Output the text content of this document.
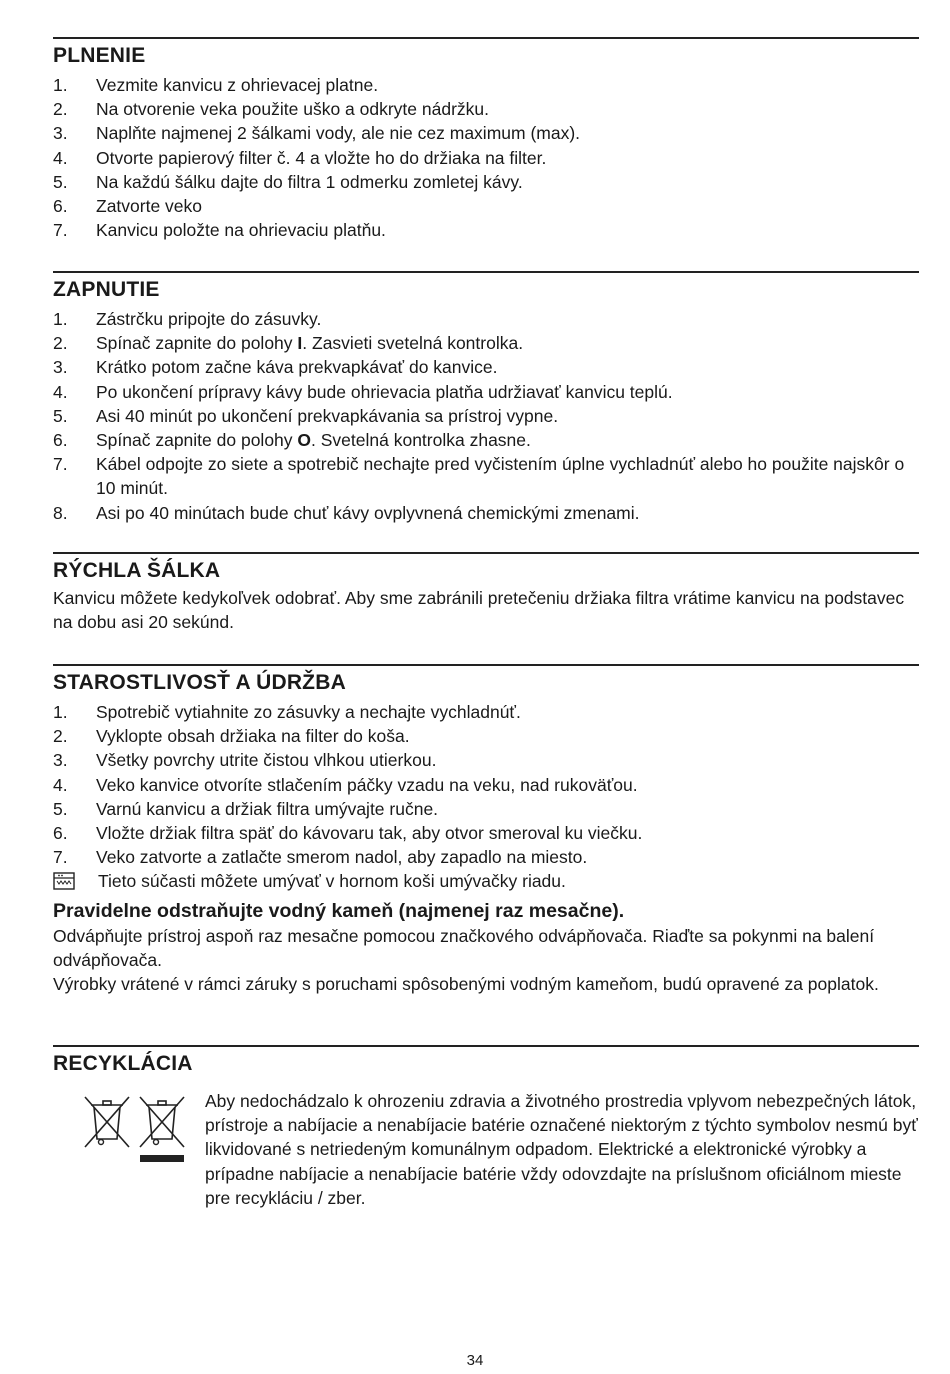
PLNENIE
1. Vezmite kanvicu z ohrievacej platne.
2. Na otvorenie veka použite uško a odkryte nádržku.
3. Naplňte najmenej 2 šálkami vody, ale nie cez maximum (max).
4. Otvorte papierový filter č. 4 a vložte ho do držiaka na filter.
5. Na každú šálku dajte do filtra 1 odmerku zomletej kávy.
6. Zatvorte veko
7. Kanvicu položte na ohrievaciu platňu.
ZAPNUTIE
1. Zástrčku pripojte do zásuvky.
2. Spínač zapnite do polohy I. Zasvieti svetelná kontrolka.
3. Krátko potom začne káva prekvapkávať do kanvice.
4. Po ukončení prípravy kávy bude ohrievacia platňa udržiavať kanvicu teplú.
5. Asi 40 minút po ukončení prekvapkávania sa prístroj vypne.
6. Spínač zapnite do polohy O. Svetelná kontrolka zhasne.
7. Kábel odpojte zo siete a spotrebič nechajte pred vyčistením úplne vychladnúť alebo ho použite najskôr o 10 minút.
8. Asi po 40 minútach bude chuť kávy ovplyvnená chemickými zmenami.
RÝCHLA ŠÁLKA

Kanvicu môžete kedykoľvek odobrať. Aby sme zabránili pretečeniu držiaka filtra vrátime kanvicu na podstavec na dobu asi 20 sekúnd.

STAROSTLIVOSŤ A ÚDRŽBA
1. Spotrebič vytiahnite zo zásuvky a nechajte vychladnúť.
2. Vyklopte obsah držiaka na filter do koša.
3. Všetky povrchy utrite čistou vlhkou utierkou.
4. Veko kanvice otvoríte stlačením páčky vzadu na veku, nad rukoväťou.
5. Varnú kanvicu a držiak filtra umývajte ručne.
6. Vložte držiak filtra späť do kávovaru tak, aby otvor smeroval ku viečku.
7. Veko zatvorte a zatlačte smerom nadol, aby zapadlo na miesto.
Tieto súčasti môžete umývať v hornom koši umývačky riadu.

Pravidelne odstraňujte vodný kameň (najmenej raz mesačne).

Odvápňujte prístroj aspoň raz mesačne pomocou značkového odvápňovača. Riaďte sa pokynmi na balení odvápňovača.

Výrobky vrátené v rámci záruky s poruchami spôsobenými vodným kameňom, budú opravené za poplatok.

RECYKLÁCIA

Aby nedochádzalo k ohrozeniu zdravia a životného prostredia vplyvom nebezpečných látok, prístroje a nabíjacie a nenabíjacie batérie označené niektorým z týchto symbolov nesmú byť likvidované s netriedeným komunálnym odpadom. Elektrické a elektronické výrobky a prípadne nabíjacie a nenabíjacie batérie vždy odovzdajte na príslušnom oficiálnom mieste pre recykláciu / zber.

34
